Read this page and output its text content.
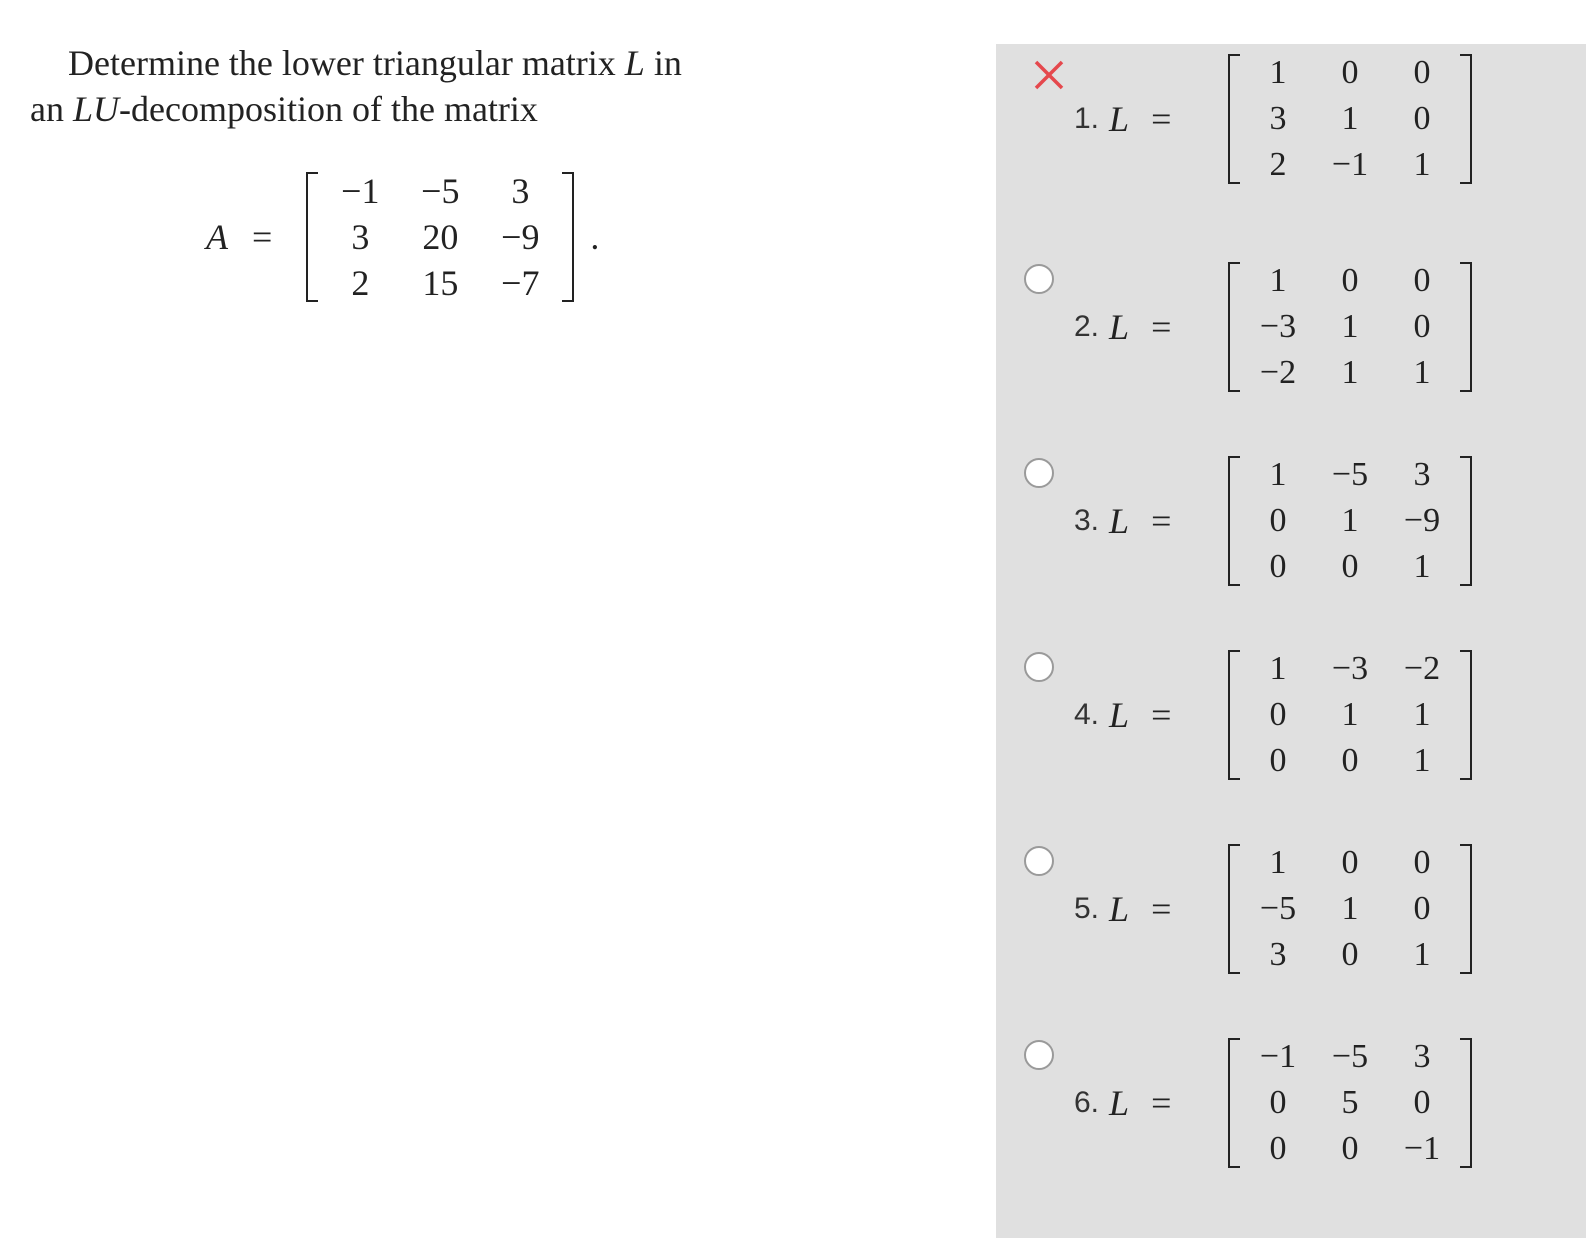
Determine the lower triangular matrix L in
an LU-decomposition of the matrix
A =
−1	−5	3
3	20	−9
2	15	−7
.
1. L =
1	0	0
3	1	0
2	−1	1
2. L =
1	0	0
−3	1	0
−2	1	1
3. L =
1	−5	3
0	1	−9
0	0	1
4. L =
1	−3	−2
0	1	1
0	0	1
5. L =
1	0	0
−5	1	0
3	0	1
6. L =
−1	−5	3
0	5	0
0	0	−1
